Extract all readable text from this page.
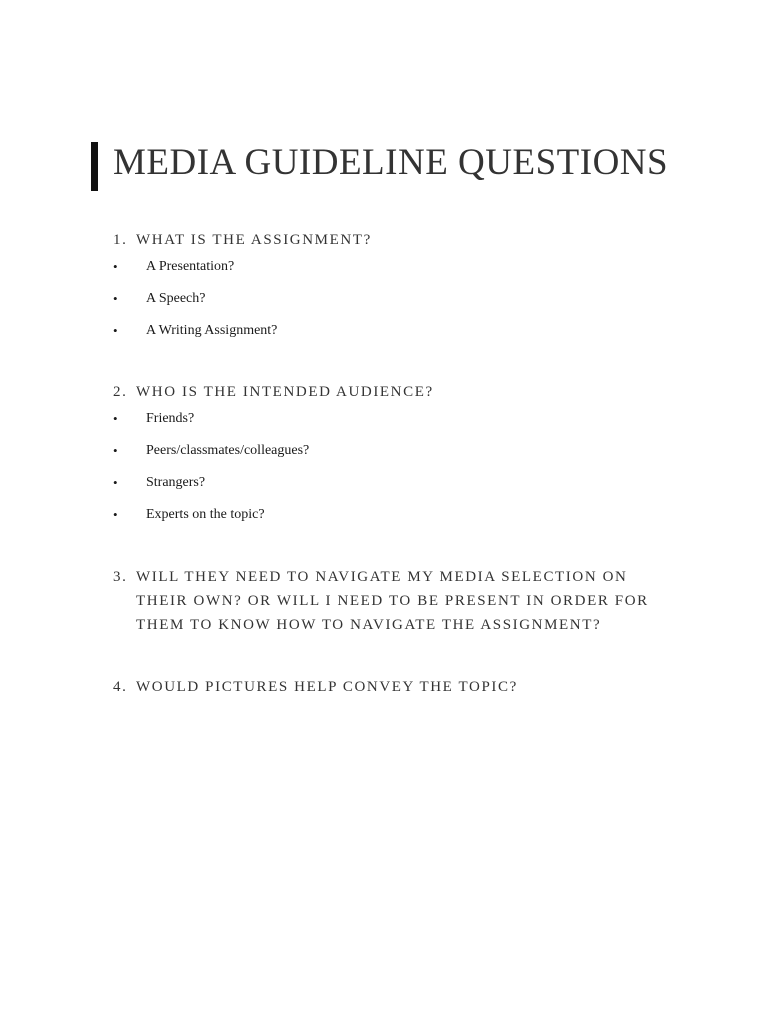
MEDIA GUIDELINE QUESTIONS
1. WHAT IS THE ASSIGNMENT?
• A Presentation?
• A Speech?
• A Writing Assignment?
2. WHO IS THE INTENDED AUDIENCE?
• Friends?
• Peers/classmates/colleagues?
• Strangers?
• Experts on the topic?
3. WILL THEY NEED TO NAVIGATE MY MEDIA SELECTION ON THEIR OWN? OR WILL I NEED TO BE PRESENT IN ORDER FOR THEM TO KNOW HOW TO NAVIGATE THE ASSIGNMENT?
4. WOULD PICTURES HELP CONVEY THE TOPIC?
